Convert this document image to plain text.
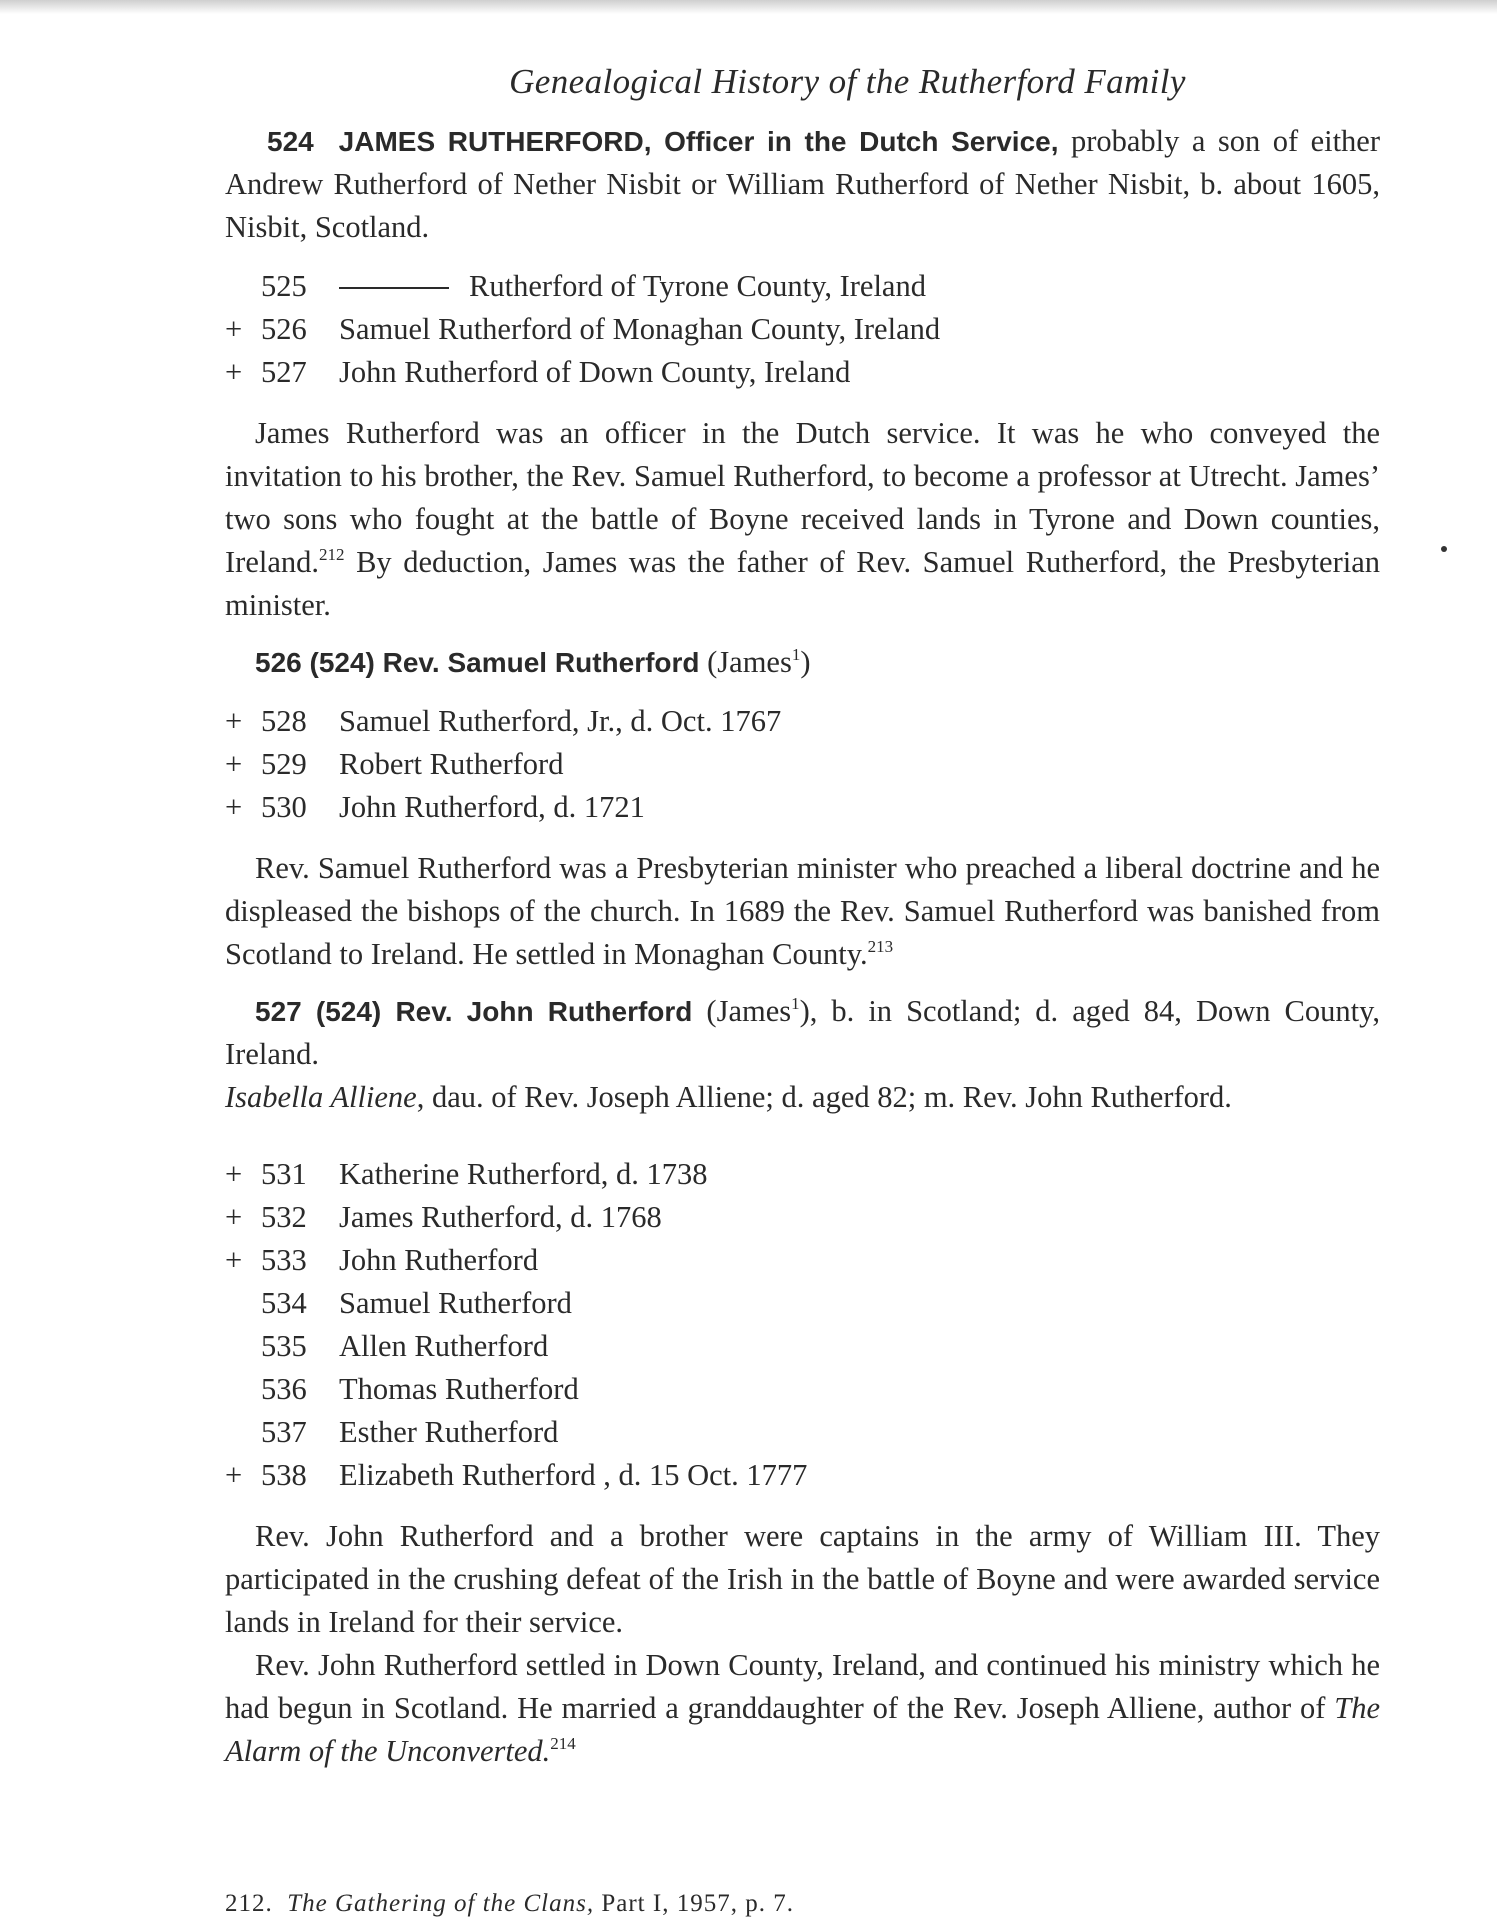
Genealogical History of the Rutherford Family

524 JAMES RUTHERFORD, Officer in the Dutch Service, probably a son of either Andrew Rutherford of Nether Nisbit or William Rutherford of Nether Nisbit, b. about 1605, Nisbit, Scotland.

525	Rutherford of Tyrone County, Ireland
+ 526	Samuel Rutherford of Monaghan County, Ireland
+ 527	John Rutherford of Down County, Ireland

James Rutherford was an officer in the Dutch service. It was he who conveyed the invitation to his brother, the Rev. Samuel Rutherford, to become a professor at Utrecht. James’ two sons who fought at the battle of Boyne received lands in Tyrone and Down counties, Ireland.$^{212}$ By deduction, James was the father of Rev. Samuel Rutherford, the Presbyterian minister.

526 (524) Rev. Samuel Rutherford (James$^1$)

+ 528	Samuel Rutherford, Jr., d. Oct. 1767
+ 529	Robert Rutherford
+ 530	John Rutherford, d. 1721

Rev. Samuel Rutherford was a Presbyterian minister who preached a liberal doctrine and he displeased the bishops of the church. In 1689 the Rev. Samuel Rutherford was banished from Scotland to Ireland. He settled in Monaghan County.$^{213}$

527 (524) Rev. John Rutherford (James$^1$), b. in Scotland; d. aged 84, Down County, Ireland.

Isabella Alliene, dau. of Rev. Joseph Alliene; d. aged 82; m. Rev. John Rutherford.

+ 531	Katherine Rutherford, d. 1738
+ 532	James Rutherford, d. 1768
+ 533	John Rutherford
534	Samuel Rutherford
535	Allen Rutherford
536	Thomas Rutherford
537	Esther Rutherford
+ 538	Elizabeth Rutherford , d. 15 Oct. 1777

Rev. John Rutherford and a brother were captains in the army of William III. They participated in the crushing defeat of the Irish in the battle of Boyne and were awarded service lands in Ireland for their service.

Rev. John Rutherford settled in Down County, Ireland, and continued his ministry which he had begun in Scotland. He married a granddaughter of the Rev. Joseph Alliene, author of The Alarm of the Unconverted.$^{214}$

212. The Gathering of the Clans, Part I, 1957, p. 7.
